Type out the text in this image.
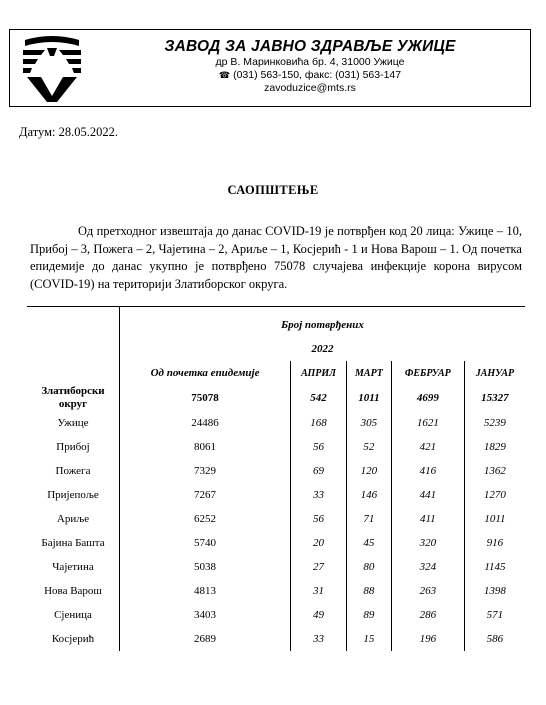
ЗАВОД ЗА ЈАВНО ЗДРАВЉЕ УЖИЦЕ
др В. Маринковића бр. 4, 31000 Ужице
☎ (031) 563-150, факс: (031) 563-147
zavoduzice@mts.rs
Датум: 28.05.2022.
САОПШТЕЊЕ
Од претходног извештаја до данас COVID-19 је потврђен код 20 лица: Ужице – 10, Прибој – 3, Пожега – 2, Чајетина – 2, Ариље – 1, Косјерић - 1 и Нова Варош – 1. Од почетка епидемије до данас укупно је потврђено 75078 случајева инфекције корона вирусом (COVID-19) на територији Златиборског округа.
	Број потврђених				
	2022				
	Од почетка епидемије	АПРИЛ	МАРТ	ФЕБРУАР	ЈАНУАР
Златиборски округ	75078	542	1011	4699	15327
Ужице	24486	168	305	1621	5239
Прибој	8061	56	52	421	1829
Пожега	7329	69	120	416	1362
Пријепоље	7267	33	146	441	1270
Ариље	6252	56	71	411	1011
Бајина Башта	5740	20	45	320	916
Чајетина	5038	27	80	324	1145
Нова Варош	4813	31	88	263	1398
Сјеница	3403	49	89	286	571
Косјерић	2689	33	15	196	586
